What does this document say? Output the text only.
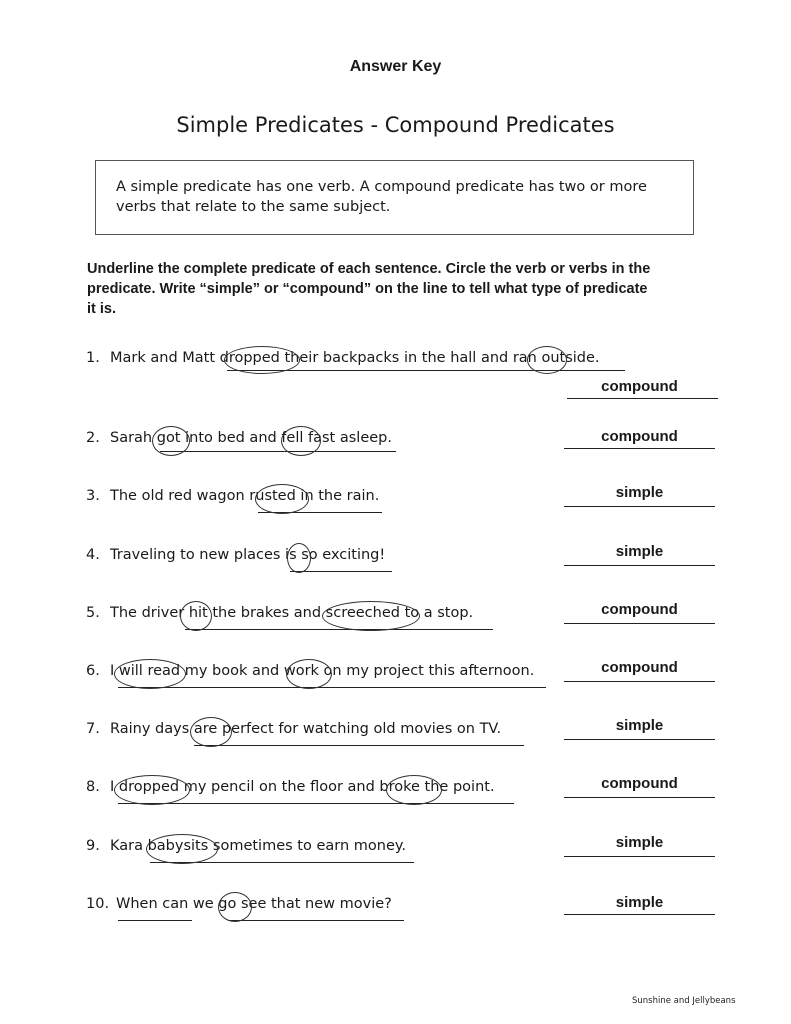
Answer Key
Simple Predicates - Compound Predicates
A simple predicate has one verb. A compound predicate has two or more
verbs that relate to the same subject.
Underline the complete predicate of each sentence. Circle the verb or verbs in the
predicate. Write “simple” or “compound” on the line to tell what type of predicate
it is.
1. Mark and Matt dropped their backpacks in the hall and ran outside.
compound
2. Sarah got into bed and fell fast asleep.	compound
3. The old red wagon rusted in the rain.	simple
4. Traveling to new places is so exciting!	simple
5. The driver hit the brakes and screeched to a stop.	compound
6. I will read my book and work on my project this afternoon.	compound
7. Rainy days are perfect for watching old movies on TV.	simple
8. I dropped my pencil on the floor and broke the point.	compound
9. Kara babysits sometimes to earn money.	simple
10. When can we go see that new movie?	simple
Sunshine and Jellybeans
